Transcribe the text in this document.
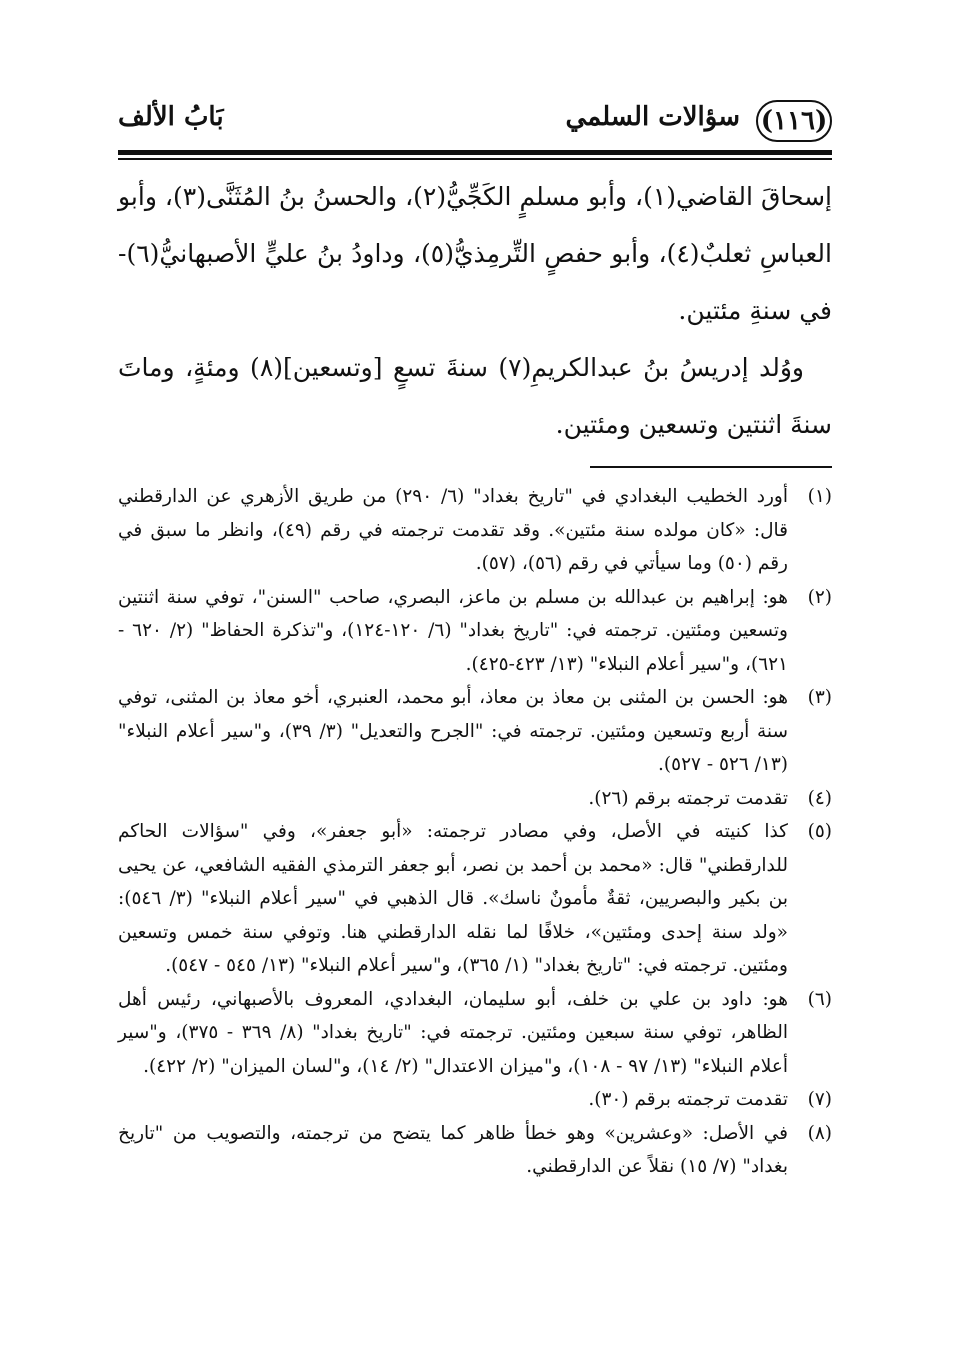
(١١٦)
سؤالات السلمي
بَابُ الألف

إسحاقَ القاضي(١)، وأبو مسلمٍ الكَجِّيُّ(٢)، والحسنُ بنُ المُثَنَّى(٣)، وأبو العباسِ ثعلبٌ(٤)، وأبو حفصٍ التِّرمِذيُّ(٥)، وداودُ بنُ عليٍّ الأصبهانيُّ(٦)- في سنةِ مئتين.

ووُلد إدريسُ بنُ عبدالكريمِ(٧) سنةَ تسعٍ [وتسعين](٨) ومئةٍ، وماتَ سنةَ اثنتين وتسعين ومئتين.

(١)
أورد الخطيب البغدادي في "تاريخ بغداد" (٦/ ٢٩٠) من طريق الأزهري عن الدارقطني قال: «كان مولده سنة مئتين». وقد تقدمت ترجمته في رقم (٤٩)، وانظر ما سبق في رقم (٥٠) وما سيأتي في رقم (٥٦)، (٥٧).

(٢)
هو: إبراهيم بن عبدالله بن مسلم بن ماعز، البصري، صاحب "السنن"، توفي سنة اثنتين وتسعين ومئتين. ترجمته في: "تاريخ بغداد" (٦/ ١٢٠-١٢٤)، و"تذكرة الحفاظ" (٢/ ٦٢٠ - ٦٢١)، و"سير أعلام النبلاء" (١٣/ ٤٢٣-٤٢٥).

(٣)
هو: الحسن بن المثنى بن معاذ بن معاذ، أبو محمد، العنبري، أخو معاذ بن المثنى، توفي سنة أربع وتسعين ومئتين. ترجمته في: "الجرح والتعديل" (٣/ ٣٩)، و"سير أعلام النبلاء" (١٣/ ٥٢٦ - ٥٢٧).

(٤)
تقدمت ترجمته برقم (٢٦).

(٥)
كذا كنيته في الأصل، وفي مصادر ترجمته: «أبو جعفر»، وفي "سؤالات الحاكم للدارقطني" قال: «محمد بن أحمد بن نصر، أبو جعفر الترمذي الفقيه الشافعي، عن يحيى بن بكير والبصريين، ثقةٌ مأمونٌ ناسك». قال الذهبي في "سير أعلام النبلاء" (٣/ ٥٤٦): «ولد سنة إحدى ومئتين»، خلافًا لما نقله الدارقطني هنا. وتوفي سنة خمس وتسعين ومئتين. ترجمته في: "تاريخ بغداد" (١/ ٣٦٥)، و"سير أعلام النبلاء" (١٣/ ٥٤٥ - ٥٤٧).

(٦)
هو: داود بن علي بن خلف، أبو سليمان، البغدادي، المعروف بالأصبهاني، رئيس أهل الظاهر، توفي سنة سبعين ومئتين. ترجمته في: "تاريخ بغداد" (٨/ ٣٦٩ - ٣٧٥)، و"سير أعلام النبلاء" (١٣/ ٩٧ - ١٠٨)، و"ميزان الاعتدال" (٢/ ١٤)، و"لسان الميزان" (٢/ ٤٢٢).

(٧)
تقدمت ترجمته برقم (٣٠).

(٨)
في الأصل: «وعشرين» وهو خطأ ظاهر كما يتضح من ترجمته، والتصويب من "تاريخ بغداد" (٧/ ١٥) نقلاً عن الدارقطني.
